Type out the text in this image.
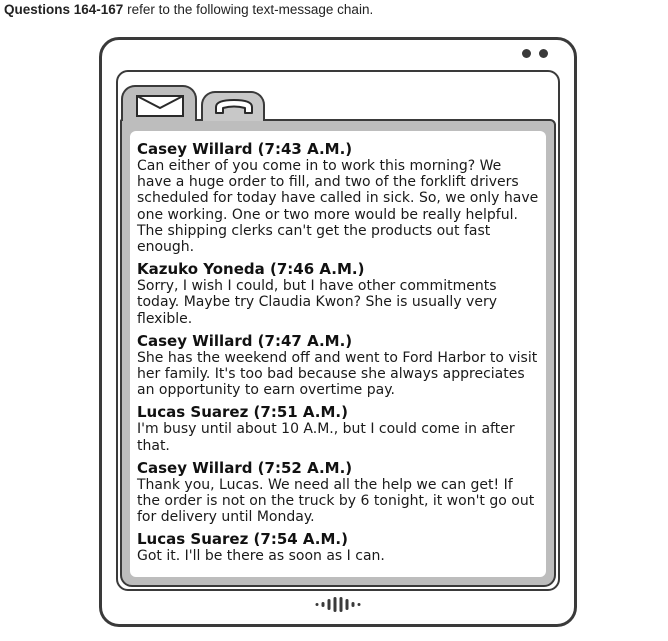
Questions 164-167 refer to the following text-message chain.
Casey Willard (7:43 A.M.)
Can either of you come in to work this morning? We have a huge order to fill, and two of the forklift drivers scheduled for today have called in sick. So, we only have one working. One or two more would be really helpful. The shipping clerks can't get the products out fast enough.
Kazuko Yoneda (7:46 A.M.)
Sorry, I wish I could, but I have other commitments today. Maybe try Claudia Kwon? She is usually very flexible.
Casey Willard (7:47 A.M.)
She has the weekend off and went to Ford Harbor to visit her family. It's too bad because she always appreciates an opportunity to earn overtime pay.
Lucas Suarez (7:51 A.M.)
I'm busy until about 10 A.M., but I could come in after that.
Casey Willard (7:52 A.M.)
Thank you, Lucas. We need all the help we can get! If the order is not on the truck by 6 tonight, it won't go out for delivery until Monday.
Lucas Suarez (7:54 A.M.)
Got it. I'll be there as soon as I can.
